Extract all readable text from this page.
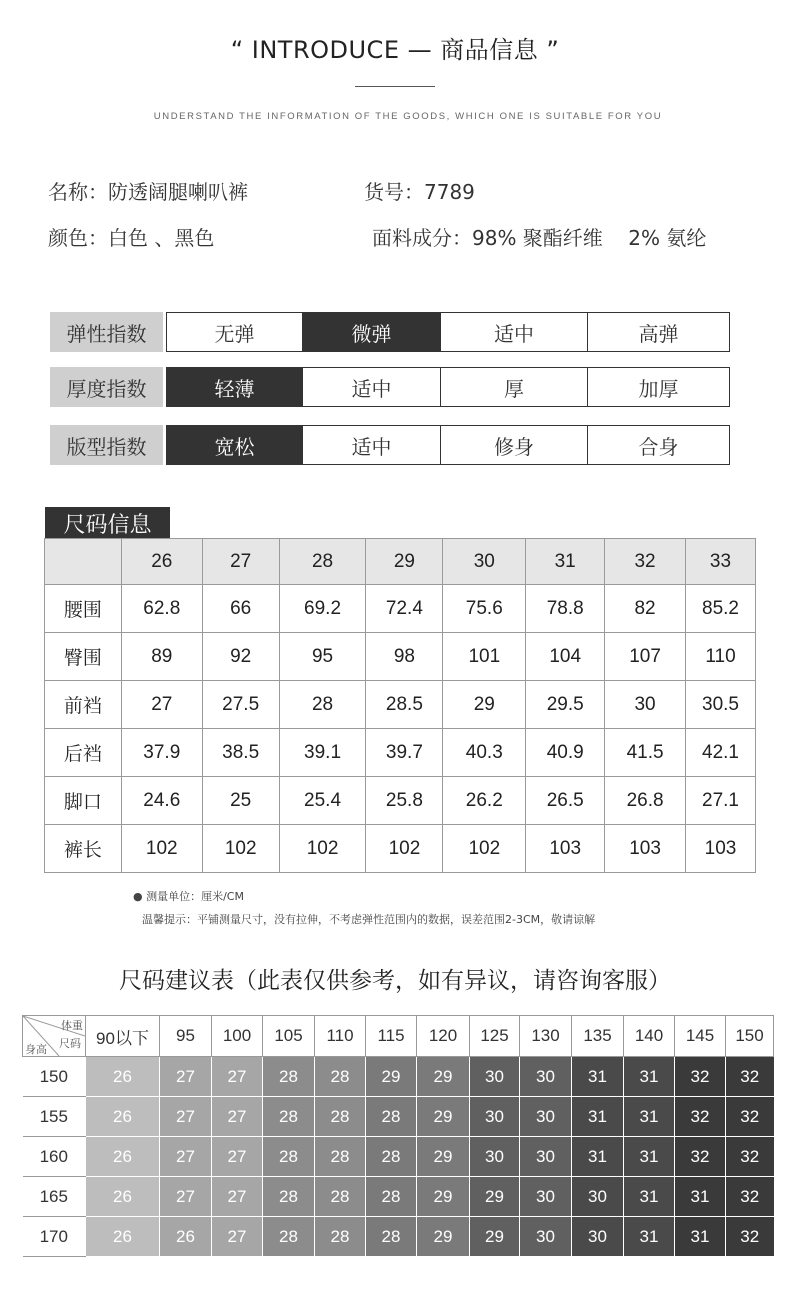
“ INTRODUCE — 商品信息 ”
UNDERSTAND THE INFORMATION OF THE GOODS, WHICH ONE IS SUITABLE FOR YOU
名称：防透阔腿喇叭裤	货号：7789
颜色：白色 、黑色	面料成分：98% 聚酯纤维    2% 氨纶
弹性指数	无弹	微弹	适中	高弹
厚度指数	轻薄	适中	厚	加厚
版型指数	宽松	适中	修身	合身
尺码信息
	26	27	28	29	30	31	32	33
腰围	62.8	66	69.2	72.4	75.6	78.8	82	85.2
臀围	89	92	95	98	101	104	107	110
前裆	27	27.5	28	28.5	29	29.5	30	30.5
后裆	37.9	38.5	39.1	39.7	40.3	40.9	41.5	42.1
脚口	24.6	25	25.4	25.8	26.2	26.5	26.8	27.1
裤长	102	102	102	102	102	103	103	103
● 测量单位：厘米/CM
温馨提示：平铺测量尺寸，没有拉伸，不考虑弹性范围内的数据，误差范围2-3CM，敬请谅解
尺码建议表（此表仅供参考，如有异议，请咨询客服）
体重
尺码
身高	90以下	95	100	105	110	115	120	125	130	135	140	145	150
150	26	27	27	28	28	29	29	30	30	31	31	32	32
155	26	27	27	28	28	28	29	30	30	31	31	32	32
160	26	27	27	28	28	28	29	30	30	31	31	32	32
165	26	27	27	28	28	28	29	29	30	30	31	31	32
170	26	26	27	28	28	28	29	29	30	30	31	31	32
